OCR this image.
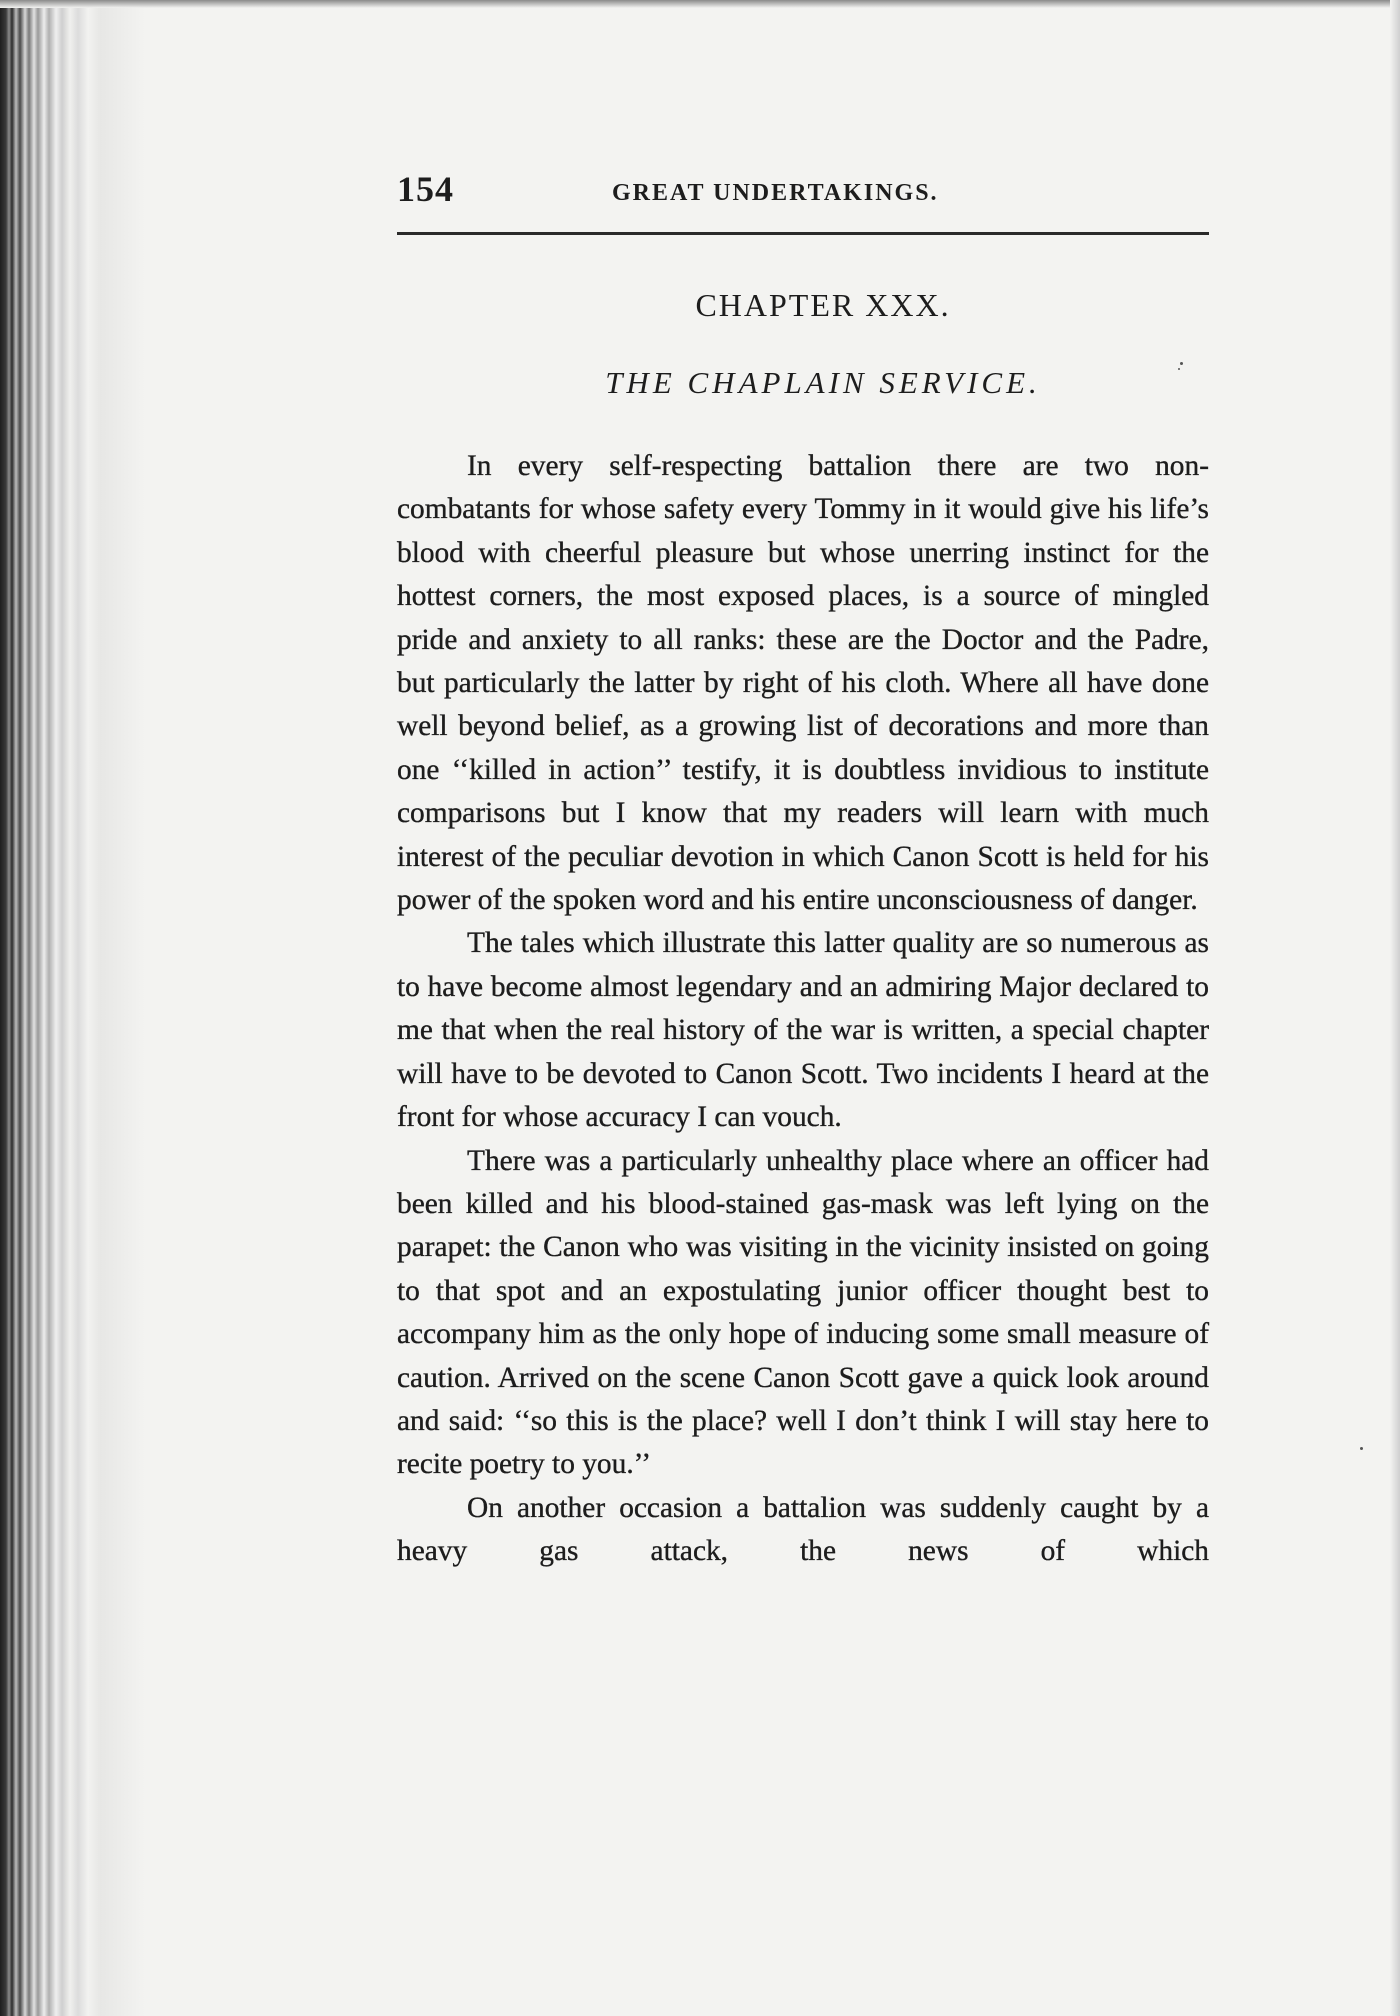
154	GREAT UNDERTAKINGS.
CHAPTER XXX.
THE CHAPLAIN SERVICE.

In every self-respecting battalion there are two non-combatants for whose safety every Tommy in it would give his life’s blood with cheerful pleasure but whose unerring instinct for the hottest corners, the most exposed places, is a source of mingled pride and anxiety to all ranks: these are the Doctor and the Padre, but particularly the latter by right of his cloth. Where all have done well beyond belief, as a growing list of decorations and more than one ‘‘killed in action’’ testify, it is doubtless invidious to institute comparisons but I know that my readers will learn with much interest of the peculiar devotion in which Canon Scott is held for his power of the spoken word and his entire unconsciousness of danger.

The tales which illustrate this latter quality are so numerous as to have become almost legendary and an admiring Major declared to me that when the real history of the war is written, a special chapter will have to be devoted to Canon Scott. Two incidents I heard at the front for whose accuracy I can vouch.

There was a particularly unhealthy place where an officer had been killed and his blood-stained gas-mask was left lying on the parapet: the Canon who was visiting in the vicinity insisted on going to that spot and an expostulating junior officer thought best to accompany him as the only hope of inducing some small measure of caution. Arrived on the scene Canon Scott gave a quick look around and said: ‘‘so this is the place? well I don’t think I will stay here to recite poetry to you.’’

On another occasion a battalion was suddenly caught by a heavy gas attack, the news of which
